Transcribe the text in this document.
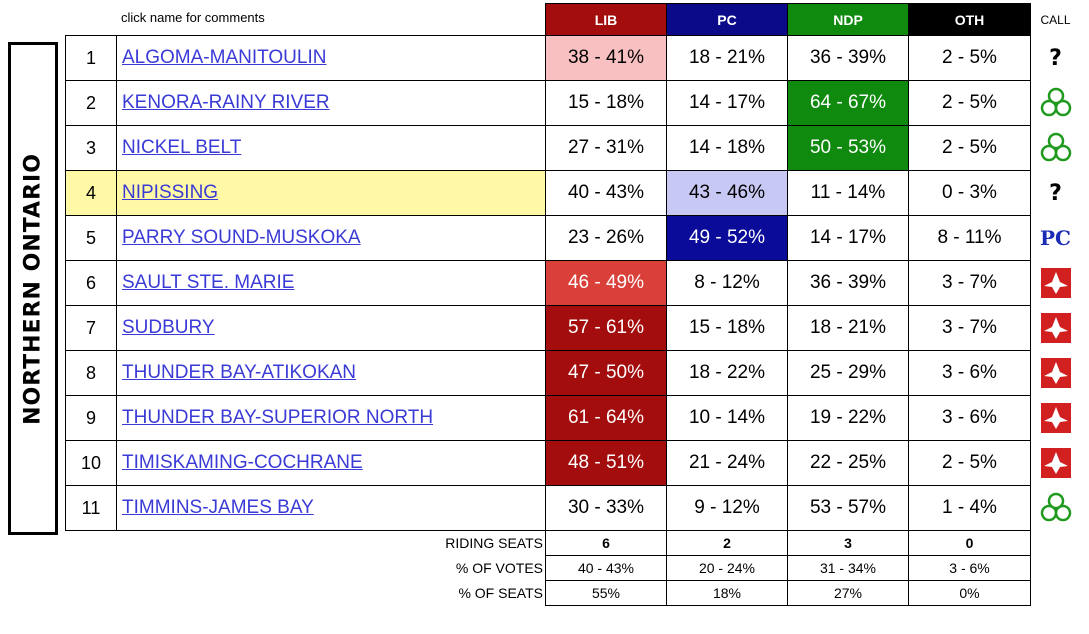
click name for comments
NORTHERN ONTARIO
		LIB	PC	NDP	OTH	CALL
1	ALGOMA-MANITOULIN	38 - 41%	18 - 21%	36 - 39%	2 - 5%	?
2	KENORA-RAINY RIVER	15 - 18%	14 - 17%	64 - 67%	2 - 5%	
3	NICKEL BELT	27 - 31%	14 - 18%	50 - 53%	2 - 5%	
4	NIPISSING	40 - 43%	43 - 46%	11 - 14%	0 - 3%	?
5	PARRY SOUND-MUSKOKA	23 - 26%	49 - 52%	14 - 17%	8 - 11%	PC
6	SAULT STE. MARIE	46 - 49%	8 - 12%	36 - 39%	3 - 7%	
7	SUDBURY	57 - 61%	15 - 18%	18 - 21%	3 - 7%	
8	THUNDER BAY-ATIKOKAN	47 - 50%	18 - 22%	25 - 29%	3 - 6%	
9	THUNDER BAY-SUPERIOR NORTH	61 - 64%	10 - 14%	19 - 22%	3 - 6%	
10	TIMISKAMING-COCHRANE	48 - 51%	21 - 24%	22 - 25%	2 - 5%	
11	TIMMINS-JAMES BAY	30 - 33%	9 - 12%	53 - 57%	1 - 4%	
	RIDING SEATS	6	2	3	0	
	% OF VOTES	40 - 43%	20 - 24%	31 - 34%	3 - 6%	
	% OF SEATS	55%	18%	27%	0%	
